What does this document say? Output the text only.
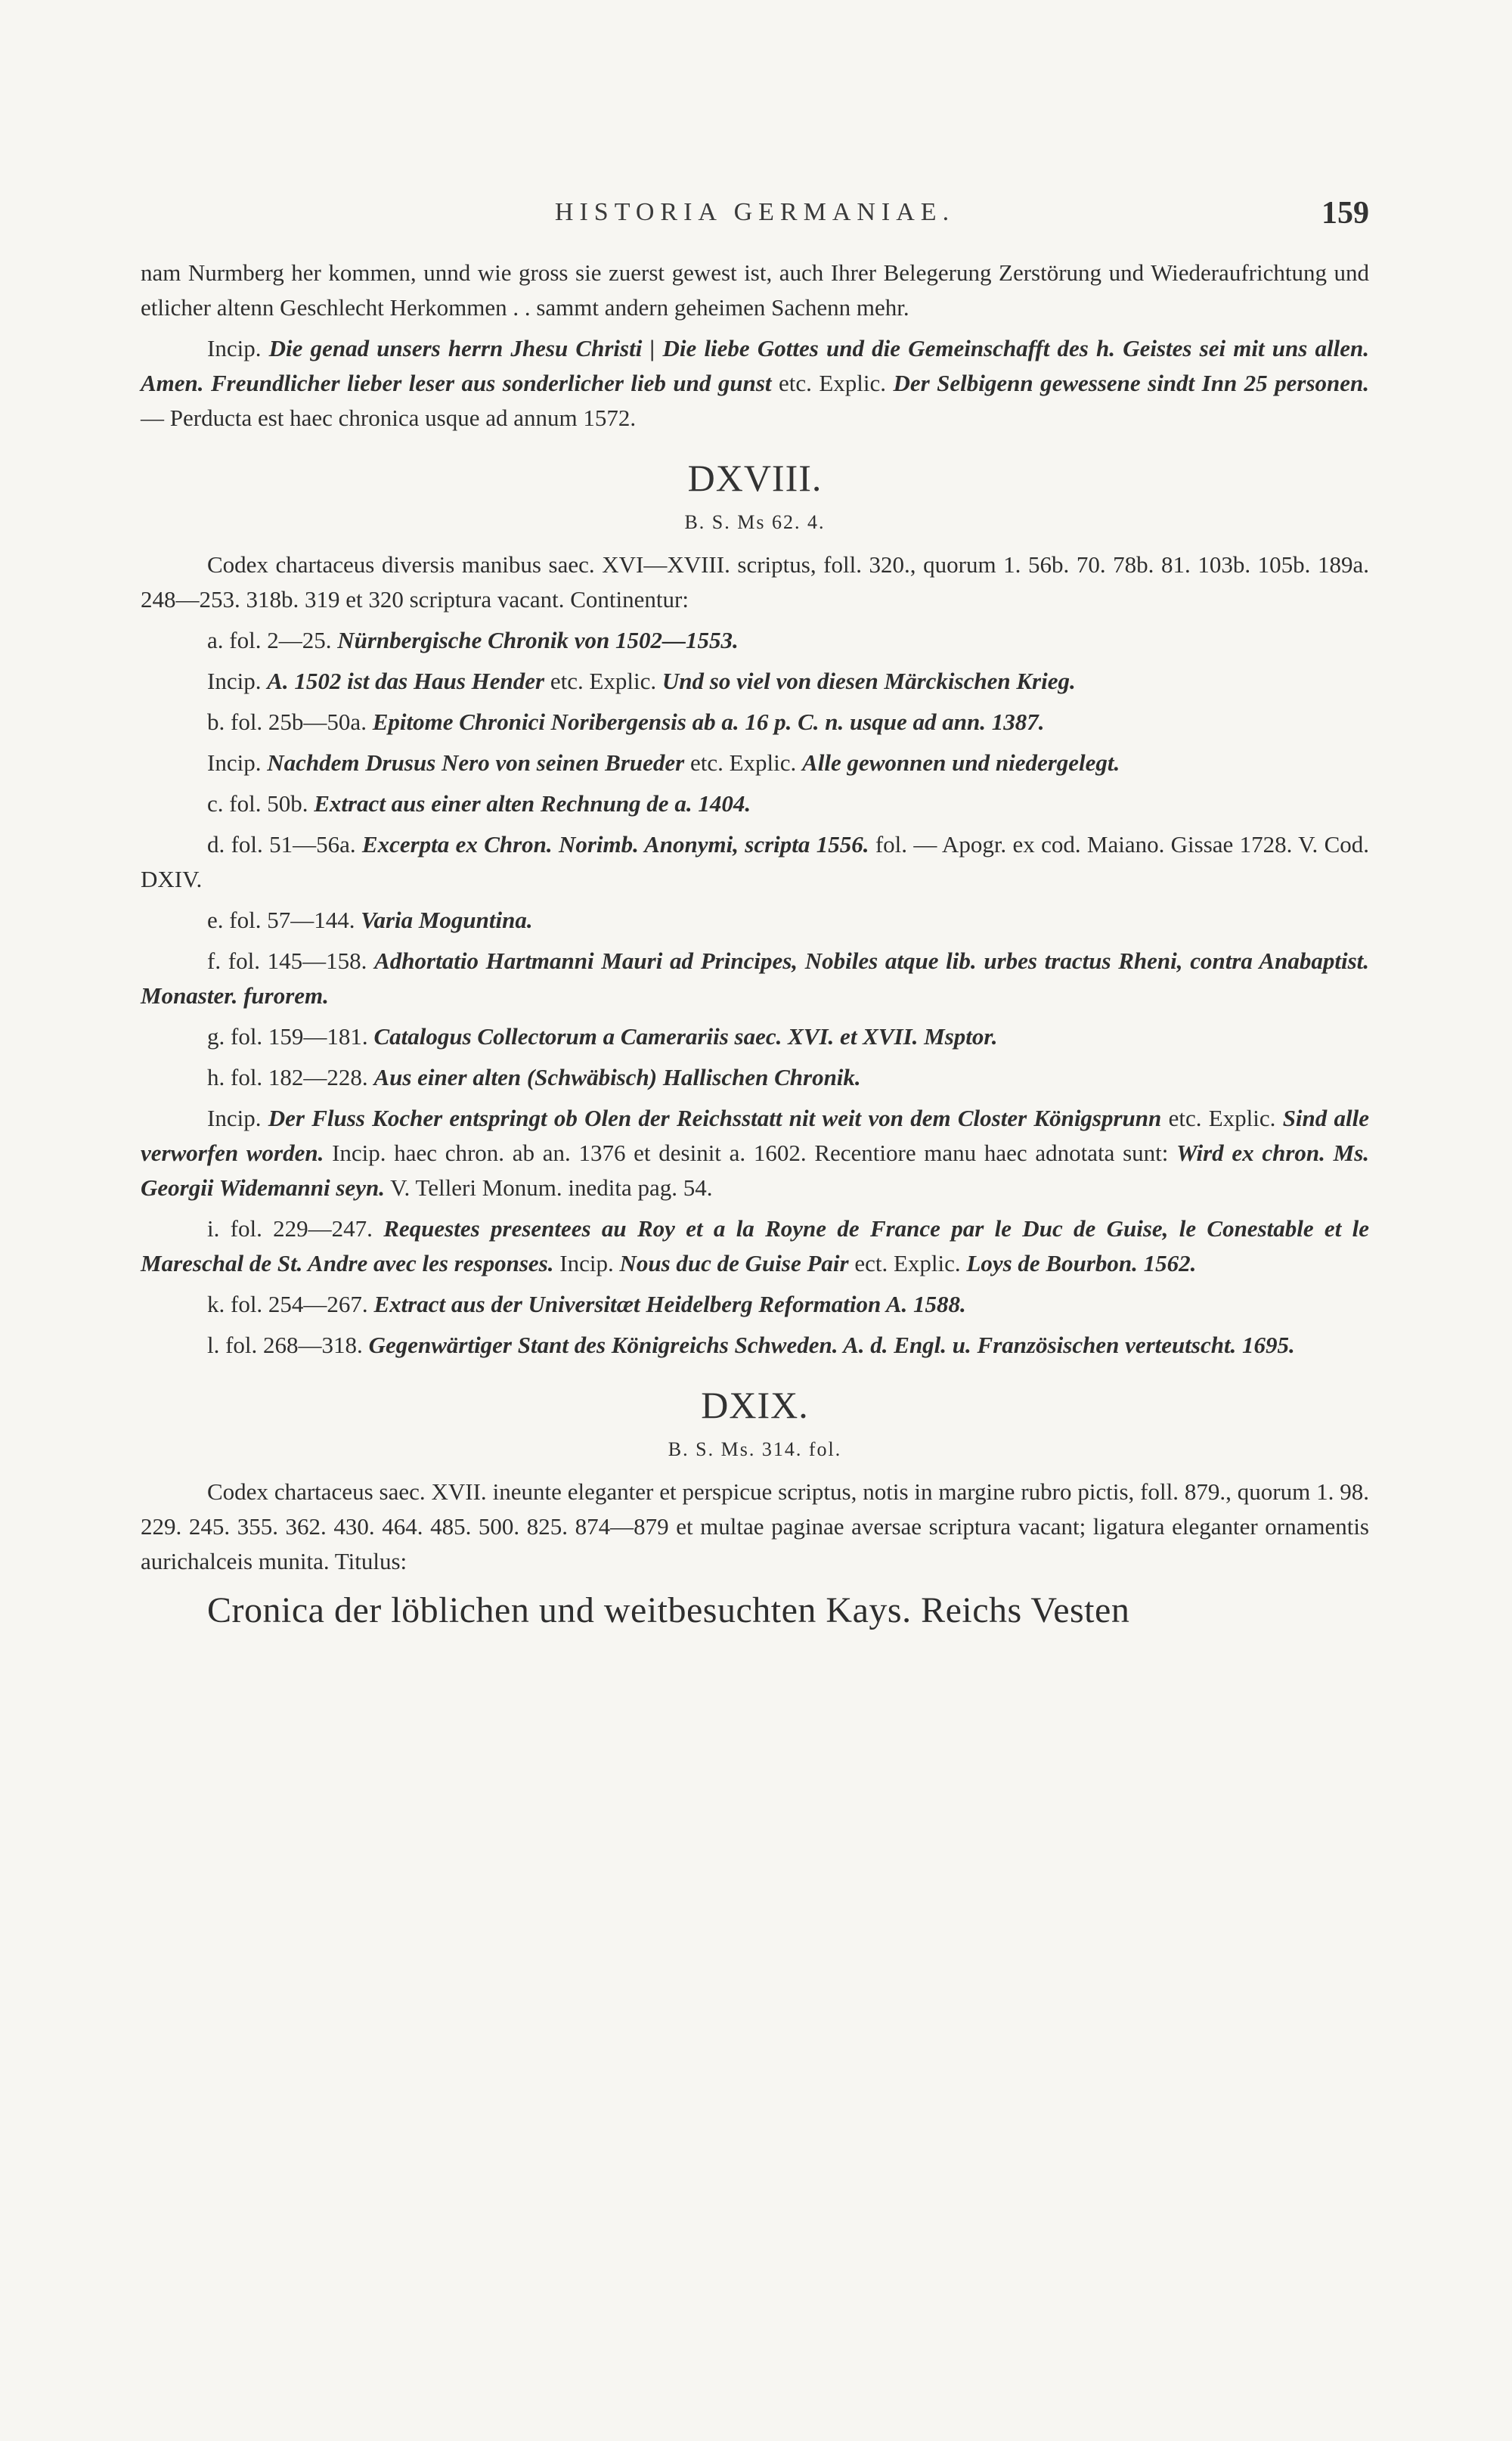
HISTORIA GERMANIAE.	159

nam Nurmberg her kommen, unnd wie gross sie zuerst gewest ist, auch Ihrer Belegerung Zerstörung und Wiederaufrichtung und etlicher altenn Geschlecht Herkommen . . sammt andern geheimen Sachenn mehr.

Incip. Die genad unsers herrn Jhesu Christi | Die liebe Gottes und die Gemeinschafft des h. Geistes sei mit uns allen. Amen. Freundlicher lieber leser aus sonderlicher lieb und gunst etc. Explic. Der Selbigenn gewessene sindt Inn 25 personen. — Perducta est haec chronica usque ad annum 1572.

DXVIII.
B. S. Ms 62. 4.

Codex chartaceus diversis manibus saec. XVI—XVIII. scriptus, foll. 320., quorum 1. 56b. 70. 78b. 81. 103b. 105b. 189a. 248—253. 318b. 319 et 320 scriptura vacant. Continentur:

a. fol. 2—25. Nürnbergische Chronik von 1502—1553.

Incip. A. 1502 ist das Haus Hender etc. Explic. Und so viel von diesen Märckischen Krieg.

b. fol. 25b—50a. Epitome Chronici Noribergensis ab a. 16 p. C. n. usque ad ann. 1387.

Incip. Nachdem Drusus Nero von seinen Brueder etc. Explic. Alle gewonnen und niedergelegt.

c. fol. 50b. Extract aus einer alten Rechnung de a. 1404.

d. fol. 51—56a. Excerpta ex Chron. Norimb. Anonymi, scripta 1556. fol. — Apogr. ex cod. Maiano. Gissae 1728. V. Cod. DXIV.

e. fol. 57—144. Varia Moguntina.

f. fol. 145—158. Adhortatio Hartmanni Mauri ad Principes, Nobiles atque lib. urbes tractus Rheni, contra Anabaptist. Monaster. furorem.

g. fol. 159—181. Catalogus Collectorum a Camerariis saec. XVI. et XVII. Msptor.

h. fol. 182—228. Aus einer alten (Schwäbisch) Hallischen Chronik.

Incip. Der Fluss Kocher entspringt ob Olen der Reichsstatt nit weit von dem Closter Königsprunn etc. Explic. Sind alle verworfen worden. Incip. haec chron. ab an. 1376 et desinit a. 1602. Recentiore manu haec adnotata sunt: Wird ex chron. Ms. Georgii Widemanni seyn. V. Telleri Monum. inedita pag. 54.

i. fol. 229—247. Requestes presentees au Roy et a la Royne de France par le Duc de Guise, le Conestable et le Mareschal de St. Andre avec les responses. Incip. Nous duc de Guise Pair ect. Explic. Loys de Bourbon. 1562.

k. fol. 254—267. Extract aus der Universitæt Heidelberg Reformation A. 1588.

l. fol. 268—318. Gegenwärtiger Stant des Königreichs Schweden. A. d. Engl. u. Französischen verteutscht. 1695.

DXIX.
B. S. Ms. 314. fol.

Codex chartaceus saec. XVII. ineunte eleganter et perspicue scriptus, notis in margine rubro pictis, foll. 879., quorum 1. 98. 229. 245. 355. 362. 430. 464. 485. 500. 825. 874—879 et multae paginae aversae scriptura vacant; ligatura eleganter ornamentis aurichalceis munita. Titulus:

Cronica der löblichen und weitbesuchten Kays. Reichs Vesten
